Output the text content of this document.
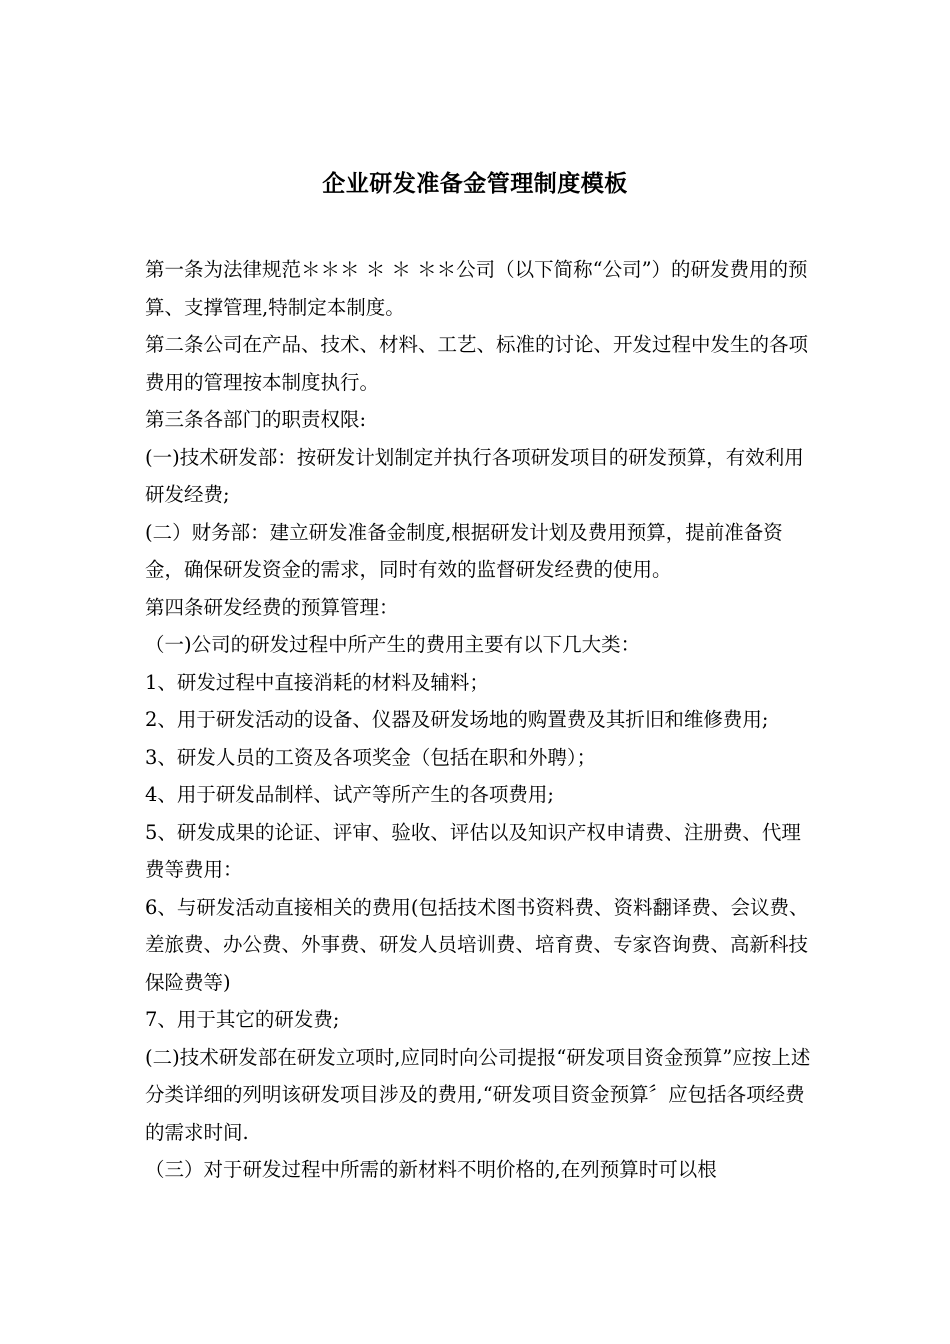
企业研发准备金管理制度模板

第一条为法律规范＊＊＊ ＊ ＊ ＊＊公司（以下简称“公司”）的研发费用的预算、支撑管理,特制定本制度。

第二条公司在产品、技术、材料、工艺、标准的讨论、开发过程中发生的各项费用的管理按本制度执行。

第三条各部门的职责权限:

(一)技术研发部：按研发计划制定并执行各项研发项目的研发预算，有效利用研发经费;

(二）财务部：建立研发准备金制度,根据研发计划及费用预算，提前准备资金，确保研发资金的需求，同时有效的监督研发经费的使用。

第四条研发经费的预算管理：

（一)公司的研发过程中所产生的费用主要有以下几大类：

1、研发过程中直接消耗的材料及辅料；

2、用于研发活动的设备、仪器及研发场地的购置费及其折旧和维修费用;

3、研发人员的工资及各项奖金（包括在职和外聘）；

4、用于研发品制样、试产等所产生的各项费用;

5、研发成果的论证、评审、验收、评估以及知识产权申请费、注册费、代理费等费用：

6、与研发活动直接相关的费用(包括技术图书资料费、资料翻译费、会议费、差旅费、办公费、外事费、研发人员培训费、培育费、专家咨询费、高新科技保险费等)

7、用于其它的研发费;

(二)技术研发部在研发立项时,应同时向公司提报“研发项目资金预算”应按上述分类详细的列明该研发项目涉及的费用,“研发项目资金预算〞应包括各项经费的需求时间.

（三）对于研发过程中所需的新材料不明价格的,在列预算时可以根
